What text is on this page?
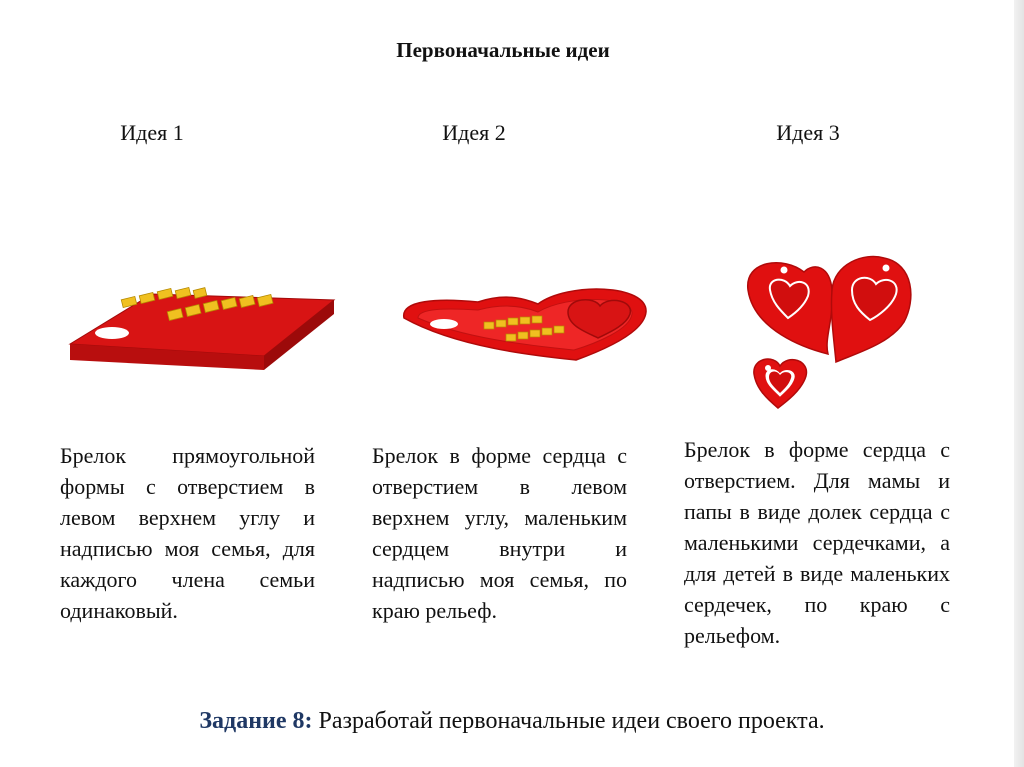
Первоначальные идеи
Идея 1	Идея 2	Идея 3
Брелок прямоугольной формы с отверстием в левом верхнем углу и надписью моя семья, для каждого члена семьи одинаковый.
Брелок в форме сердца с отверстием в левом верхнем углу, маленьким сердцем внутри и надписью моя семья, по краю рельеф.
Брелок в форме сердца с отверстием. Для мамы и папы в виде долек сердца с маленькими сердечками, а для детей в виде маленьких сердечек, по краю с рельефом.
Задание 8: Разработай первоначальные идеи своего проекта.
